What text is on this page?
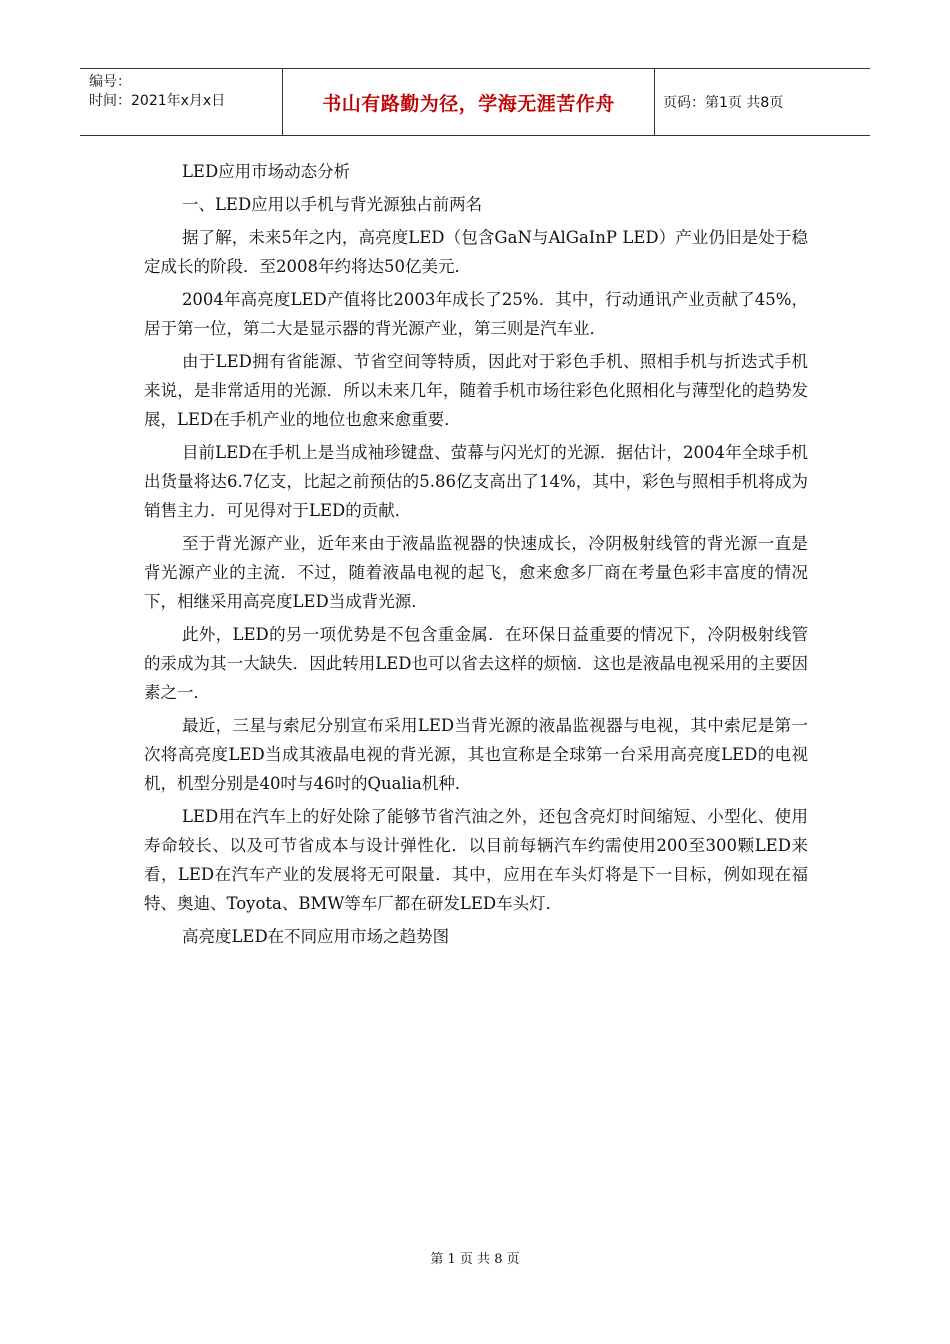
编号：
时间：2021年x月x日	书山有路勤为径，学海无涯苦作舟	页码：第1页 共8页

LED应用市场动态分析

一、LED应用以手机与背光源独占前两名

据了解，未来5年之内，高亮度LED（包含GaN与AlGaInP LED）产业仍旧是处于稳定成长的阶段．至2008年约将达50亿美元．

2004年高亮度LED产值将比2003年成长了25%．其中，行动通讯产业贡献了45%，居于第一位，第二大是显示器的背光源产业，第三则是汽车业．

由于LED拥有省能源、节省空间等特质，因此对于彩色手机、照相手机与折迭式手机来说，是非常适用的光源．所以未来几年，随着手机市场往彩色化照相化与薄型化的趋势发展，LED在手机产业的地位也愈来愈重要．

目前LED在手机上是当成袖珍键盘、萤幕与闪光灯的光源．据估计，2004年全球手机出货量将达6.7亿支，比起之前预估的5.86亿支高出了14%，其中，彩色与照相手机将成为销售主力．可见得对于LED的贡献．

至于背光源产业，近年来由于液晶监视器的快速成长，冷阴极射线管的背光源一直是背光源产业的主流．不过，随着液晶电视的起飞，愈来愈多厂商在考量色彩丰富度的情况下，相继采用高亮度LED当成背光源．

此外，LED的另一项优势是不包含重金属．在环保日益重要的情况下，冷阴极射线管的汞成为其一大缺失．因此转用LED也可以省去这样的烦恼．这也是液晶电视采用的主要因素之一．

最近，三星与索尼分别宣布采用LED当背光源的液晶监视器与电视，其中索尼是第一次将高亮度LED当成其液晶电视的背光源，其也宣称是全球第一台采用高亮度LED的电视机，机型分别是40吋与46吋的Qualia机种．

LED用在汽车上的好处除了能够节省汽油之外，还包含亮灯时间缩短、小型化、使用寿命较长、以及可节省成本与设计弹性化．以目前每辆汽车约需使用200至300颗LED来看，LED在汽车产业的发展将无可限量．其中，应用在车头灯将是下一目标，例如现在福特、奥迪、Toyota、BMW等车厂都在研发LED车头灯．

高亮度LED在不同应用市场之趋势图

第 1 页 共 8 页
